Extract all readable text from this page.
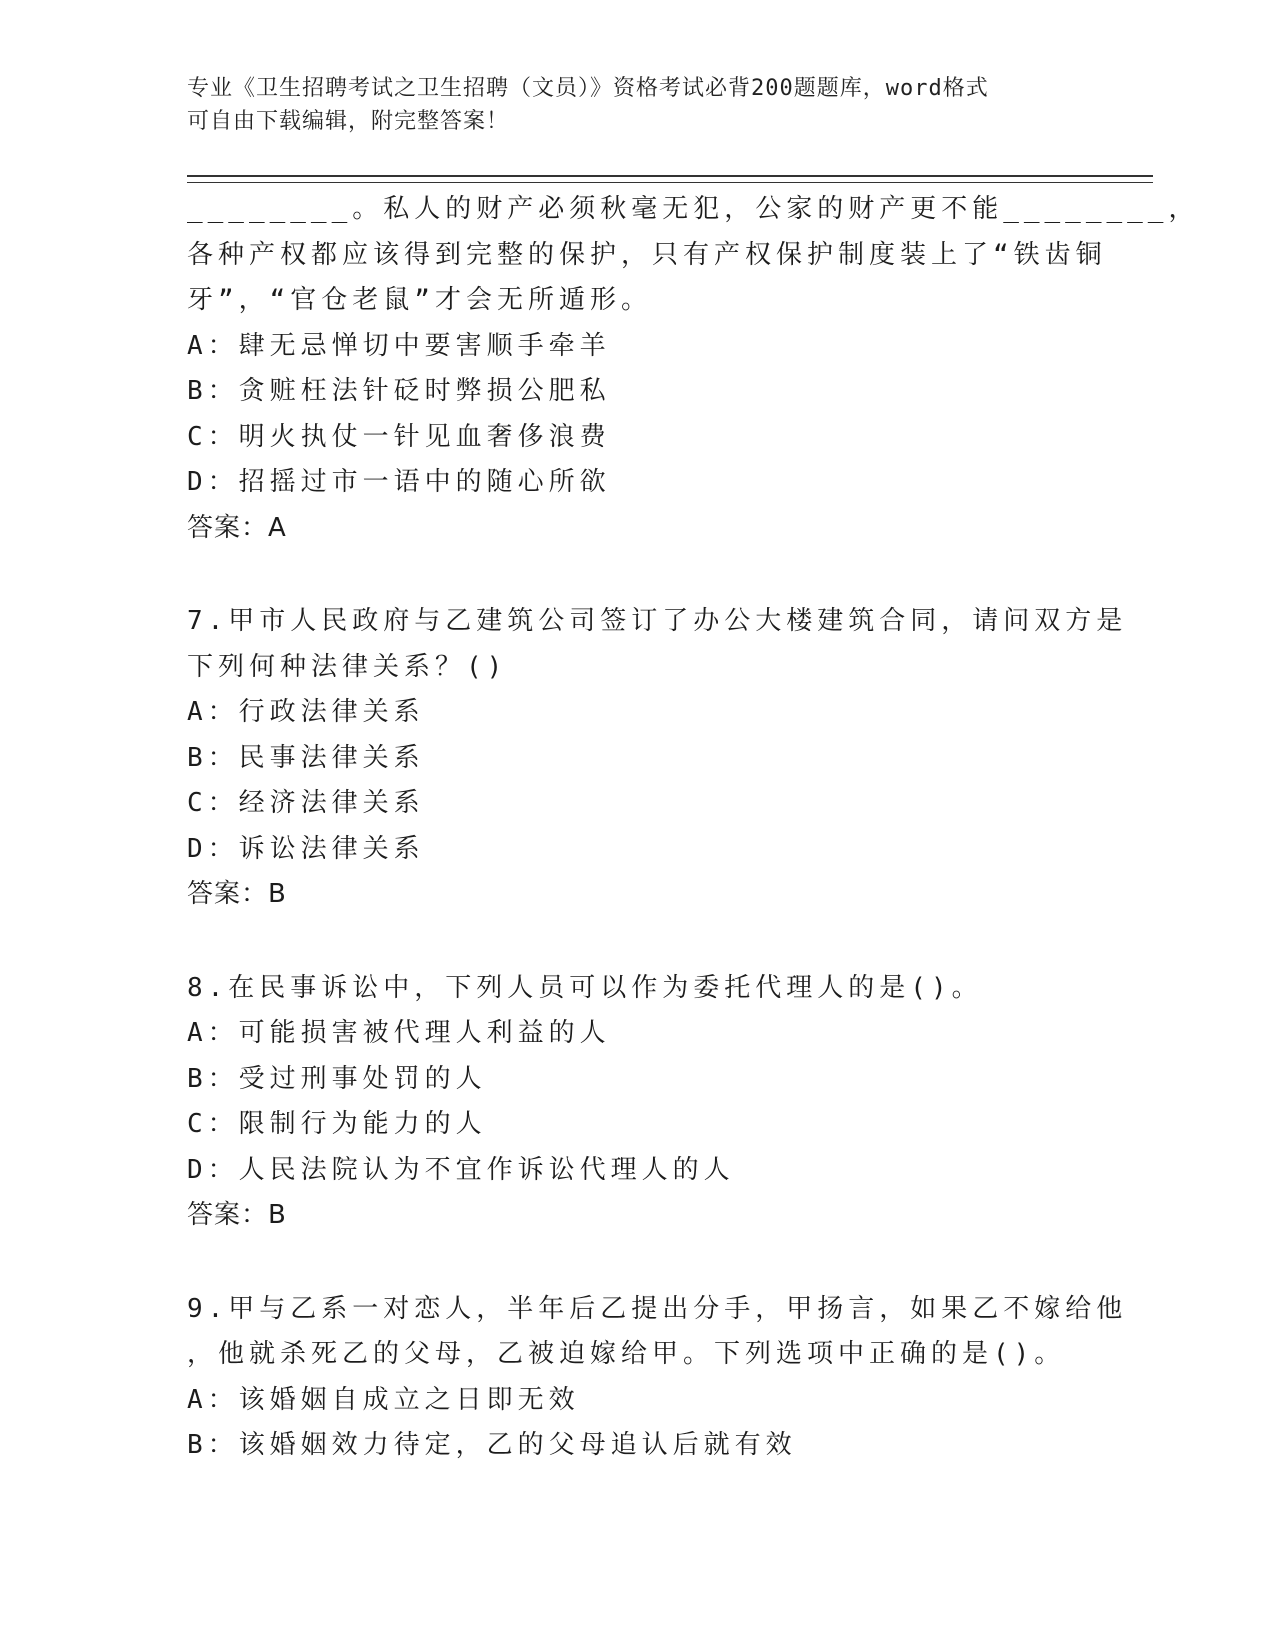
专业《卫生招聘考试之卫生招聘（文员）》资格考试必背200题题库，word格式
可自由下载编辑，附完整答案！

________。私人的财产必须秋毫无犯，公家的财产更不能________，

各种产权都应该得到完整的保护，只有产权保护制度装上了“铁齿铜

牙”，“官仓老鼠”才会无所遁形。

A：肆无忌惮切中要害顺手牵羊

B：贪赃枉法针砭时弊损公肥私

C：明火执仗一针见血奢侈浪费

D：招摇过市一语中的随心所欲

答案：A

7.甲市人民政府与乙建筑公司签订了办公大楼建筑合同，请问双方是

下列何种法律关系？()

A：行政法律关系

B：民事法律关系

C：经济法律关系

D：诉讼法律关系

答案：B

8.在民事诉讼中，下列人员可以作为委托代理人的是()。

A：可能损害被代理人利益的人

B：受过刑事处罚的人

C：限制行为能力的人

D：人民法院认为不宜作诉讼代理人的人

答案：B

9.甲与乙系一对恋人，半年后乙提出分手，甲扬言，如果乙不嫁给他

，他就杀死乙的父母，乙被迫嫁给甲。下列选项中正确的是()。

A：该婚姻自成立之日即无效

B：该婚姻效力待定，乙的父母追认后就有效
